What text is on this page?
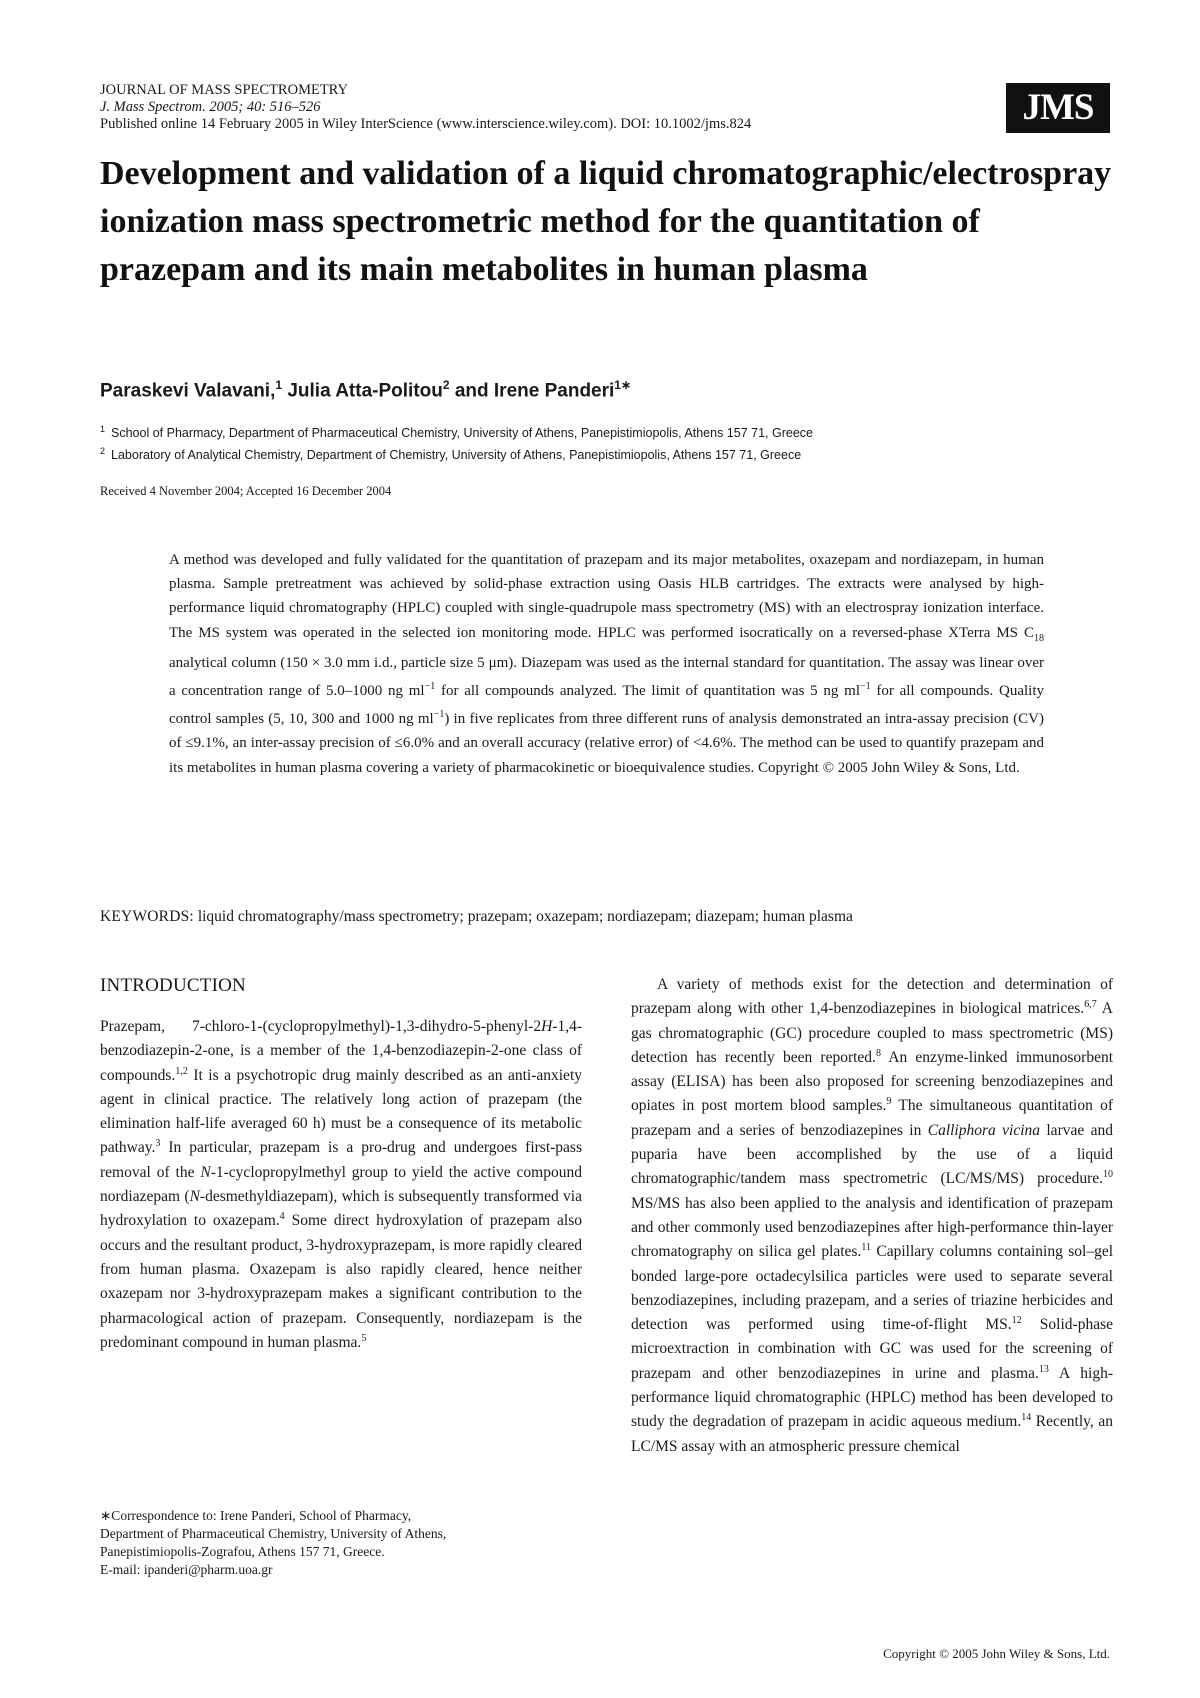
JOURNAL OF MASS SPECTROMETRY
J. Mass Spectrom. 2005; 40: 516–526
Published online 14 February 2005 in Wiley InterScience (www.interscience.wiley.com). DOI: 10.1002/jms.824	JMS
Development and validation of a liquid chromatographic/electrospray ionization mass spectrometric method for the quantitation of prazepam and its main metabolites in human plasma
Paraskevi Valavani,$^1$ Julia Atta-Politou$^2$ and Irene Panderi$^{1∗}$
$^1$ School of Pharmacy, Department of Pharmaceutical Chemistry, University of Athens, Panepistimiopolis, Athens 157 71, Greece
$^2$ Laboratory of Analytical Chemistry, Department of Chemistry, University of Athens, Panepistimiopolis, Athens 157 71, Greece
Received 4 November 2004; Accepted 16 December 2004
A method was developed and fully validated for the quantitation of prazepam and its major metabolites, oxazepam and nordiazepam, in human plasma. Sample pretreatment was achieved by solid-phase extraction using Oasis HLB cartridges. The extracts were analysed by high-performance liquid chromatography (HPLC) coupled with single-quadrupole mass spectrometry (MS) with an electrospray ionization interface. The MS system was operated in the selected ion monitoring mode. HPLC was performed isocratically on a reversed-phase XTerra MS $C_{18}$ analytical column (150 × 3.0 mm i.d., particle size 5 μm). Diazepam was used as the internal standard for quantitation. The assay was linear over a concentration range of 5.0–1000 ng $ml^{-1}$ for all compounds analyzed. The limit of quantitation was 5 ng $ml^{-1}$ for all compounds. Quality control samples (5, 10, 300 and 1000 ng $ml^{-1}$) in five replicates from three different runs of analysis demonstrated an intra-assay precision (CV) of ≤9.1%, an inter-assay precision of ≤6.0% and an overall accuracy (relative error) of <4.6%. The method can be used to quantify prazepam and its metabolites in human plasma covering a variety of pharmacokinetic or bioequivalence studies. Copyright © 2005 John Wiley & Sons, Ltd.
KEYWORDS: liquid chromatography/mass spectrometry; prazepam; oxazepam; nordiazepam; diazepam; human plasma
INTRODUCTION
Prazepam, 7-chloro-1-(cyclopropylmethyl)-1,3-dihydro-5-phenyl-2H-1,4-benzodiazepin-2-one, is a member of the 1,4-benzodiazepin-2-one class of compounds.$^{1,2}$ It is a psychotropic drug mainly described as an anti-anxiety agent in clinical practice. The relatively long action of prazepam (the elimination half-life averaged 60 h) must be a consequence of its metabolic pathway.$^3$ In particular, prazepam is a pro-drug and undergoes first-pass removal of the N-1-cyclopropylmethyl group to yield the active compound nordiazepam (N-desmethyldiazepam), which is subsequently transformed via hydroxylation to oxazepam.$^4$ Some direct hydroxylation of prazepam also occurs and the resultant product, 3-hydroxyprazepam, is more rapidly cleared from human plasma. Oxazepam is also rapidly cleared, hence neither oxazepam nor 3-hydroxyprazepam makes a significant contribution to the pharmacological action of prazepam. Consequently, nordiazepam is the predominant compound in human plasma.$^5$
A variety of methods exist for the detection and determination of prazepam along with other 1,4-benzodiazepines in biological matrices.$^{6,7}$ A gas chromatographic (GC) procedure coupled to mass spectrometric (MS) detection has recently been reported.$^8$ An enzyme-linked immunosorbent assay (ELISA) has been also proposed for screening benzodiazepines and opiates in post mortem blood samples.$^9$ The simultaneous quantitation of prazepam and a series of benzodiazepines in Calliphora vicina larvae and puparia have been accomplished by the use of a liquid chromatographic/tandem mass spectrometric (LC/MS/MS) procedure.$^{10}$ MS/MS has also been applied to the analysis and identification of prazepam and other commonly used benzodiazepines after high-performance thin-layer chromatography on silica gel plates.$^{11}$ Capillary columns containing sol–gel bonded large-pore octadecylsilica particles were used to separate several benzodiazepines, including prazepam, and a series of triazine herbicides and detection was performed using time-of-flight MS.$^{12}$ Solid-phase microextraction in combination with GC was used for the screening of prazepam and other benzodiazepines in urine and plasma.$^{13}$ A high-performance liquid chromatographic (HPLC) method has been developed to study the degradation of prazepam in acidic aqueous medium.$^{14}$ Recently, an LC/MS assay with an atmospheric pressure chemical
∗Correspondence to: Irene Panderi, School of Pharmacy,
Department of Pharmaceutical Chemistry, University of Athens,
Panepistimiopolis-Zografou, Athens 157 71, Greece.
E-mail: ipanderi@pharm.uoa.gr
Copyright © 2005 John Wiley & Sons, Ltd.
